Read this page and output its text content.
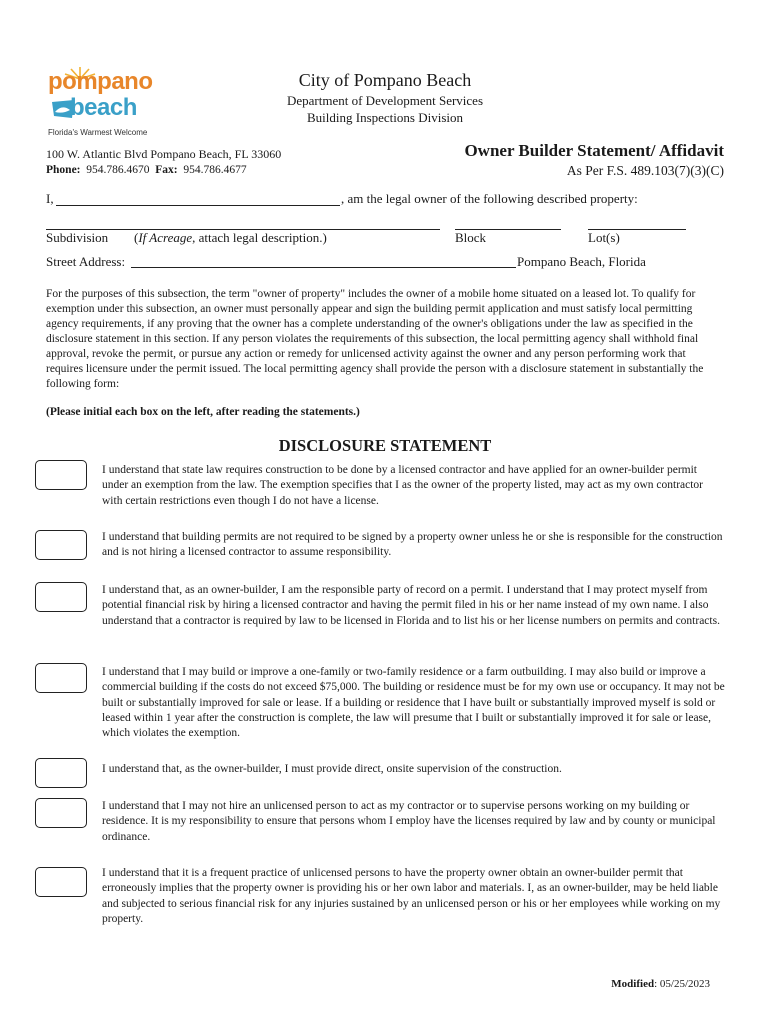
pompano
beach
Florida's Warmest Welcome
City of Pompano Beach
Department of Development Services
Building Inspections Division
100 W. Atlantic Blvd Pompano Beach, FL 33060
Phone: 954.786.4670 Fax: 954.786.4677
Owner Builder Statement/ Affidavit
As Per F.S. 489.103(7)(3)(C)
I,	, am the legal owner of the following described property:
Subdivision (If Acreage, attach legal description.)	Block	Lot(s)
Street Address:	Pompano Beach, Florida
For the purposes of this subsection, the term "owner of property" includes the owner of a mobile home situated on a leased lot. To qualify for exemption under this subsection, an owner must personally appear and sign the building permit application and must satisfy local permitting agency requirements, if any proving that the owner has a complete understanding of the owner's obligations under the law as specified in the disclosure statement in this section. If any person violates the requirements of this subsection, the local permitting agency shall withhold final approval, revoke the permit, or pursue any action or remedy for unlicensed activity against the owner and any person performing work that requires licensure under the permit issued. The local permitting agency shall provide the person with a disclosure statement in substantially the following form:
(Please initial each box on the left, after reading the statements.)
DISCLOSURE STATEMENT
I understand that state law requires construction to be done by a licensed contractor and have applied for an owner-builder permit under an exemption from the law. The exemption specifies that I as the owner of the property listed, may act as my own contractor with certain restrictions even though I do not have a license.
I understand that building permits are not required to be signed by a property owner unless he or she is responsible for the construction and is not hiring a licensed contractor to assume responsibility.
I understand that, as an owner-builder, I am the responsible party of record on a permit. I understand that I may protect myself from potential financial risk by hiring a licensed contractor and having the permit filed in his or her name instead of my own name. I also understand that a contractor is required by law to be licensed in Florida and to list his or her license numbers on permits and contracts.
I understand that I may build or improve a one-family or two-family residence or a farm outbuilding. I may also build or improve a commercial building if the costs do not exceed $75,000. The building or residence must be for my own use or occupancy. It may not be built or substantially improved for sale or lease. If a building or residence that I have built or substantially improved myself is sold or leased within 1 year after the construction is complete, the law will presume that I built or substantially improved it for sale or lease, which violates the exemption.
I understand that, as the owner-builder, I must provide direct, onsite supervision of the construction.
I understand that I may not hire an unlicensed person to act as my contractor or to supervise persons working on my building or residence. It is my responsibility to ensure that persons whom I employ have the licenses required by law and by county or municipal ordinance.
I understand that it is a frequent practice of unlicensed persons to have the property owner obtain an owner-builder permit that erroneously implies that the property owner is providing his or her own labor and materials. I, as an owner-builder, may be held liable and subjected to serious financial risk for any injuries sustained by an unlicensed person or his or her employees while working on my property.
Modified: 05/25/2023
